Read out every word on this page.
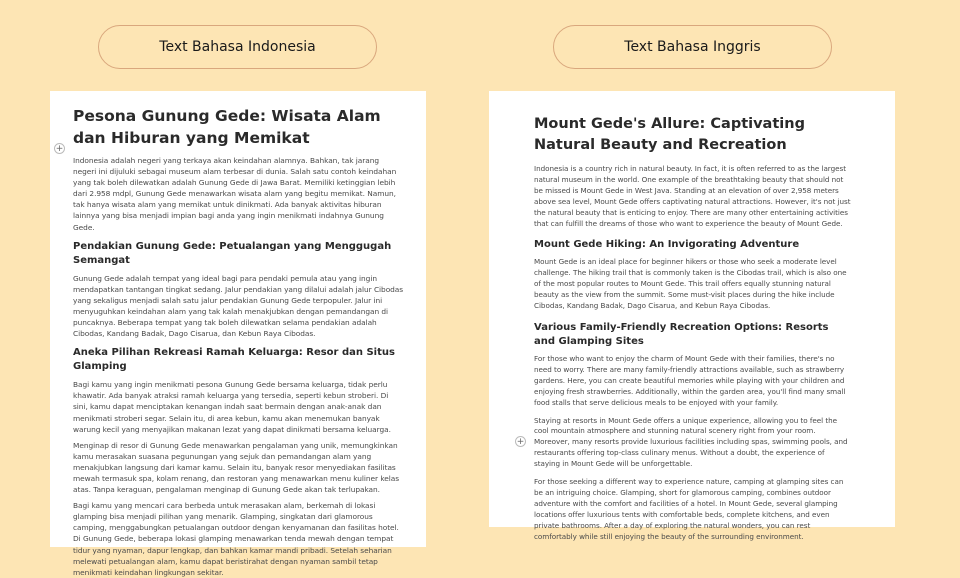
Text Bahasa Indonesia	Text Bahasa Inggris
Pesona Gunung Gede: Wisata Alam dan Hiburan yang Memikat

Indonesia adalah negeri yang terkaya akan keindahan alamnya. Bahkan, tak jarang negeri ini dijuluki sebagai museum alam terbesar di dunia. Salah satu contoh keindahan yang tak boleh dilewatkan adalah Gunung Gede di Jawa Barat. Memiliki ketinggian lebih dari 2.958 mdpl, Gunung Gede menawarkan wisata alam yang begitu memikat. Namun, tak hanya wisata alam yang memikat untuk dinikmati. Ada banyak aktivitas hiburan lainnya yang bisa menjadi impian bagi anda yang ingin menikmati indahnya Gunung Gede.

Pendakian Gunung Gede: Petualangan yang Menggugah Semangat

Gunung Gede adalah tempat yang ideal bagi para pendaki pemula atau yang ingin mendapatkan tantangan tingkat sedang. Jalur pendakian yang dilalui adalah jalur Cibodas yang sekaligus menjadi salah satu jalur pendakian Gunung Gede terpopuler. Jalur ini menyuguhkan keindahan alam yang tak kalah menakjubkan dengan pemandangan di puncaknya. Beberapa tempat yang tak boleh dilewatkan selama pendakian adalah Cibodas, Kandang Badak, Dago Cisarua, dan Kebun Raya Cibodas.

Aneka Pilihan Rekreasi Ramah Keluarga: Resor dan Situs Glamping

Bagi kamu yang ingin menikmati pesona Gunung Gede bersama keluarga, tidak perlu khawatir. Ada banyak atraksi ramah keluarga yang tersedia, seperti kebun stroberi. Di sini, kamu dapat menciptakan kenangan indah saat bermain dengan anak-anak dan menikmati stroberi segar. Selain itu, di area kebun, kamu akan menemukan banyak warung kecil yang menyajikan makanan lezat yang dapat dinikmati bersama keluarga.

Menginap di resor di Gunung Gede menawarkan pengalaman yang unik, memungkinkan kamu merasakan suasana pegunungan yang sejuk dan pemandangan alam yang menakjubkan langsung dari kamar kamu. Selain itu, banyak resor menyediakan fasilitas mewah termasuk spa, kolam renang, dan restoran yang menawarkan menu kuliner kelas atas. Tanpa keraguan, pengalaman menginap di Gunung Gede akan tak terlupakan.

Bagi kamu yang mencari cara berbeda untuk merasakan alam, berkemah di lokasi glamping bisa menjadi pilihan yang menarik. Glamping, singkatan dari glamorous camping, menggabungkan petualangan outdoor dengan kenyamanan dan fasilitas hotel. Di Gunung Gede, beberapa lokasi glamping menawarkan tenda mewah dengan tempat tidur yang nyaman, dapur lengkap, dan bahkan kamar mandi pribadi. Setelah seharian melewati petualangan alam, kamu dapat beristirahat dengan nyaman sambil tetap menikmati keindahan lingkungan sekitar.

Mount Gede's Allure: Captivating Natural Beauty and Recreation

Indonesia is a country rich in natural beauty. In fact, it is often referred to as the largest natural museum in the world. One example of the breathtaking beauty that should not be missed is Mount Gede in West Java. Standing at an elevation of over 2,958 meters above sea level, Mount Gede offers captivating natural attractions. However, it's not just the natural beauty that is enticing to enjoy. There are many other entertaining activities that can fulfill the dreams of those who want to experience the beauty of Mount Gede.

Mount Gede Hiking: An Invigorating Adventure

Mount Gede is an ideal place for beginner hikers or those who seek a moderate level challenge. The hiking trail that is commonly taken is the Cibodas trail, which is also one of the most popular routes to Mount Gede. This trail offers equally stunning natural beauty as the view from the summit. Some must-visit places during the hike include Cibodas, Kandang Badak, Dago Cisarua, and Kebun Raya Cibodas.

Various Family-Friendly Recreation Options: Resorts and Glamping Sites

For those who want to enjoy the charm of Mount Gede with their families, there's no need to worry. There are many family-friendly attractions available, such as strawberry gardens. Here, you can create beautiful memories while playing with your children and enjoying fresh strawberries. Additionally, within the garden area, you'll find many small food stalls that serve delicious meals to be enjoyed with your family.

Staying at resorts in Mount Gede offers a unique experience, allowing you to feel the cool mountain atmosphere and stunning natural scenery right from your room. Moreover, many resorts provide luxurious facilities including spas, swimming pools, and restaurants offering top-class culinary menus. Without a doubt, the experience of staying in Mount Gede will be unforgettable.

For those seeking a different way to experience nature, camping at glamping sites can be an intriguing choice. Glamping, short for glamorous camping, combines outdoor adventure with the comfort and facilities of a hotel. In Mount Gede, several glamping locations offer luxurious tents with comfortable beds, complete kitchens, and even private bathrooms. After a day of exploring the natural wonders, you can rest comfortably while still enjoying the beauty of the surrounding environment.

+
+
